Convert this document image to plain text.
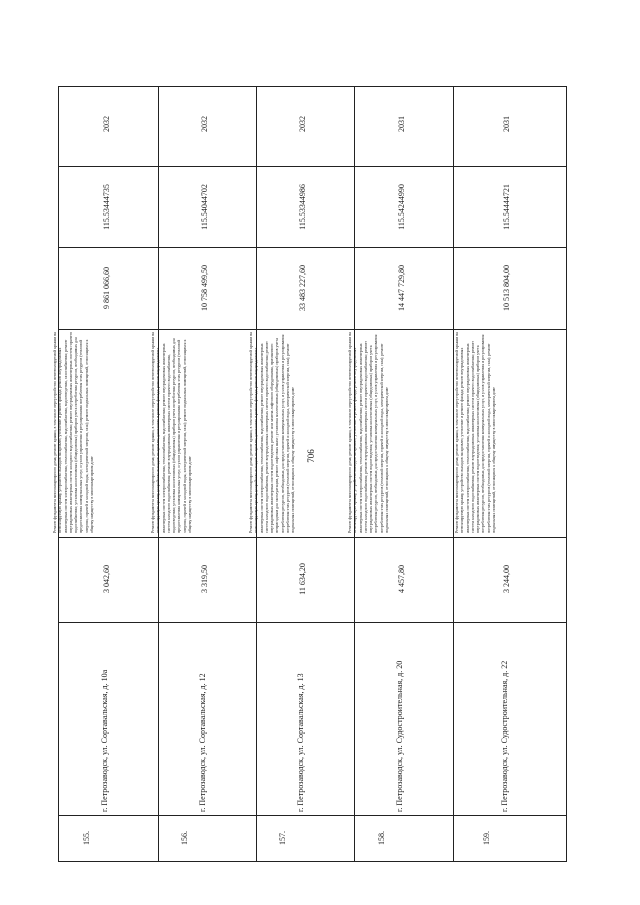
706
2032
115.53444735
9 861 066,60
Ремонт фундамента многоквартирного дома; ремонт крыши, в том числе переустройство невентилируемой крыши на вентилируемую крышу, устройство выходов на кровлю; утепление и ремонт фасада; ремонт внутридомовых инженерных систем электроснабжения, теплоснабжения, водоснабжения, водоотведения, газоснабжения; ремонт внутридомовых инженерных систем холодного водоснабжения; ремонт внутридомовых инженерных систем горячего водоснабжения; установка коллективных (общедомовых) приборов учета потребления ресурсов, необходимых для предоставления коммунальных услуг, и узлов управления и регулирования потребления этих ресурсов (тепловой энергии, горячей и холодной воды, электрической энергии, газа); ремонт подвальных помещений, относящихся к общему имуществу в многоквартирном доме
3 042,60
г. Петрозаводск, ул. Сортавальская, д. 10а
155.
2032
115.54044702
10 758 499,50
Ремонт фундамента многоквартирного дома; ремонт крыши, в том числе переустройство невентилируемой крыши на вентилируемую крышу, устройство выходов на кровлю; утепление и ремонт фасада; ремонт внутридомовых инженерных систем электроснабжения, теплоснабжения, водоснабжения; ремонт внутридомовых инженерных систем холодного водоснабжения; ремонт внутридомовых инженерных систем горячего водоснабжения, водоотведения; установка коллективных (общедомовых) приборов учета потребления ресурсов, необходимых для предоставления коммунальных услуг, и узлов управления и регулирования потребления этих ресурсов (тепловой энергии, горячей и холодной воды, электрической энергии, газа); ремонт подвальных помещений, относящихся к общему имуществу в многоквартирном доме
3 319,50
г. Петрозаводск, ул. Сортавальская, д. 12
156.
2032
115.53344986
33 483 227,60
Ремонт фундамента многоквартирного дома; ремонт крыши, в том числе переустройство невентилируемой крыши на вентилируемую крышу, устройство выходов на кровлю; утепление и ремонт фасада; ремонт внутридомовых инженерных систем электроснабжения, теплоснабжения, водоснабжения; ремонт внутридомовых инженерных систем холодного водоснабжения, ремонт внутридомовых инженерных систем горячего водоснабжения; ремонт внутридомовых инженерных систем водоотведения; ремонт или замена лифтового оборудования, признанного непригодным для эксплуатации, ремонт лифтовых шахт; установка коллективных (общедомовых) приборов учета потребления ресурсов, необходимых для предоставления коммунальных услуг, и узлов управления и регулирования потребления этих ресурсов (тепловой энергии, горячей и холодной воды, электрической энергии, газа); ремонт подвальных помещений, относящихся к общему имуществу в многоквартирном доме
11 634,20
г. Петрозаводск, ул. Сортавальская, д. 13
157.
2031
115.54244990
14 447 729,80
Ремонт фундамента многоквартирного дома; ремонт крыши, в том числе переустройство невентилируемой крыши на вентилируемую крышу, устройство выходов на кровлю; утепление и ремонт фасада; ремонт внутридомовых инженерных систем электроснабжения, теплоснабжения, водоснабжения; ремонт внутридомовых инженерных систем холодного водоснабжения; ремонт внутридомовых инженерных систем горячего водоснабжения; ремонт внутридомовых инженерных систем водоотведения; установка коллективных (общедомовых) приборов учета потребления ресурсов, необходимых для предоставления коммунальных услуг, и узлов управления и регулирования потребления этих ресурсов (тепловой энергии, горячей и холодной воды, электрической энергии, газа); ремонт подвальных помещений, относящихся к общему имуществу в многоквартирном доме
4 457,80
г. Петрозаводск, ул. Судостроительная, д. 20
158.
2031
115.54444721
10 513 804,00
Ремонт фундамента многоквартирного дома; ремонт крыши, в том числе переустройство невентилируемой крыши на вентилируемую крышу, устройство выходов на кровлю; утепление и ремонт фасада; ремонт внутридомовых инженерных систем электроснабжения, теплоснабжения, водоснабжения; ремонт внутридомовых инженерных систем холодного водоснабжения; ремонт внутридомовых инженерных систем горячего водоснабжения; ремонт внутридомовых инженерных систем водоотведения; установка коллективных (общедомовых) приборов учета потребления ресурсов, необходимых для предоставления коммунальных услуг, и узлов управления и регулирования потребления этих ресурсов (тепловой энергии, горячей и холодной воды, электрической энергии, газа); ремонт подвальных помещений, относящихся к общему имуществу в многоквартирном доме
3 244,00
г. Петрозаводск, ул. Судостроительная, д. 22
159.
